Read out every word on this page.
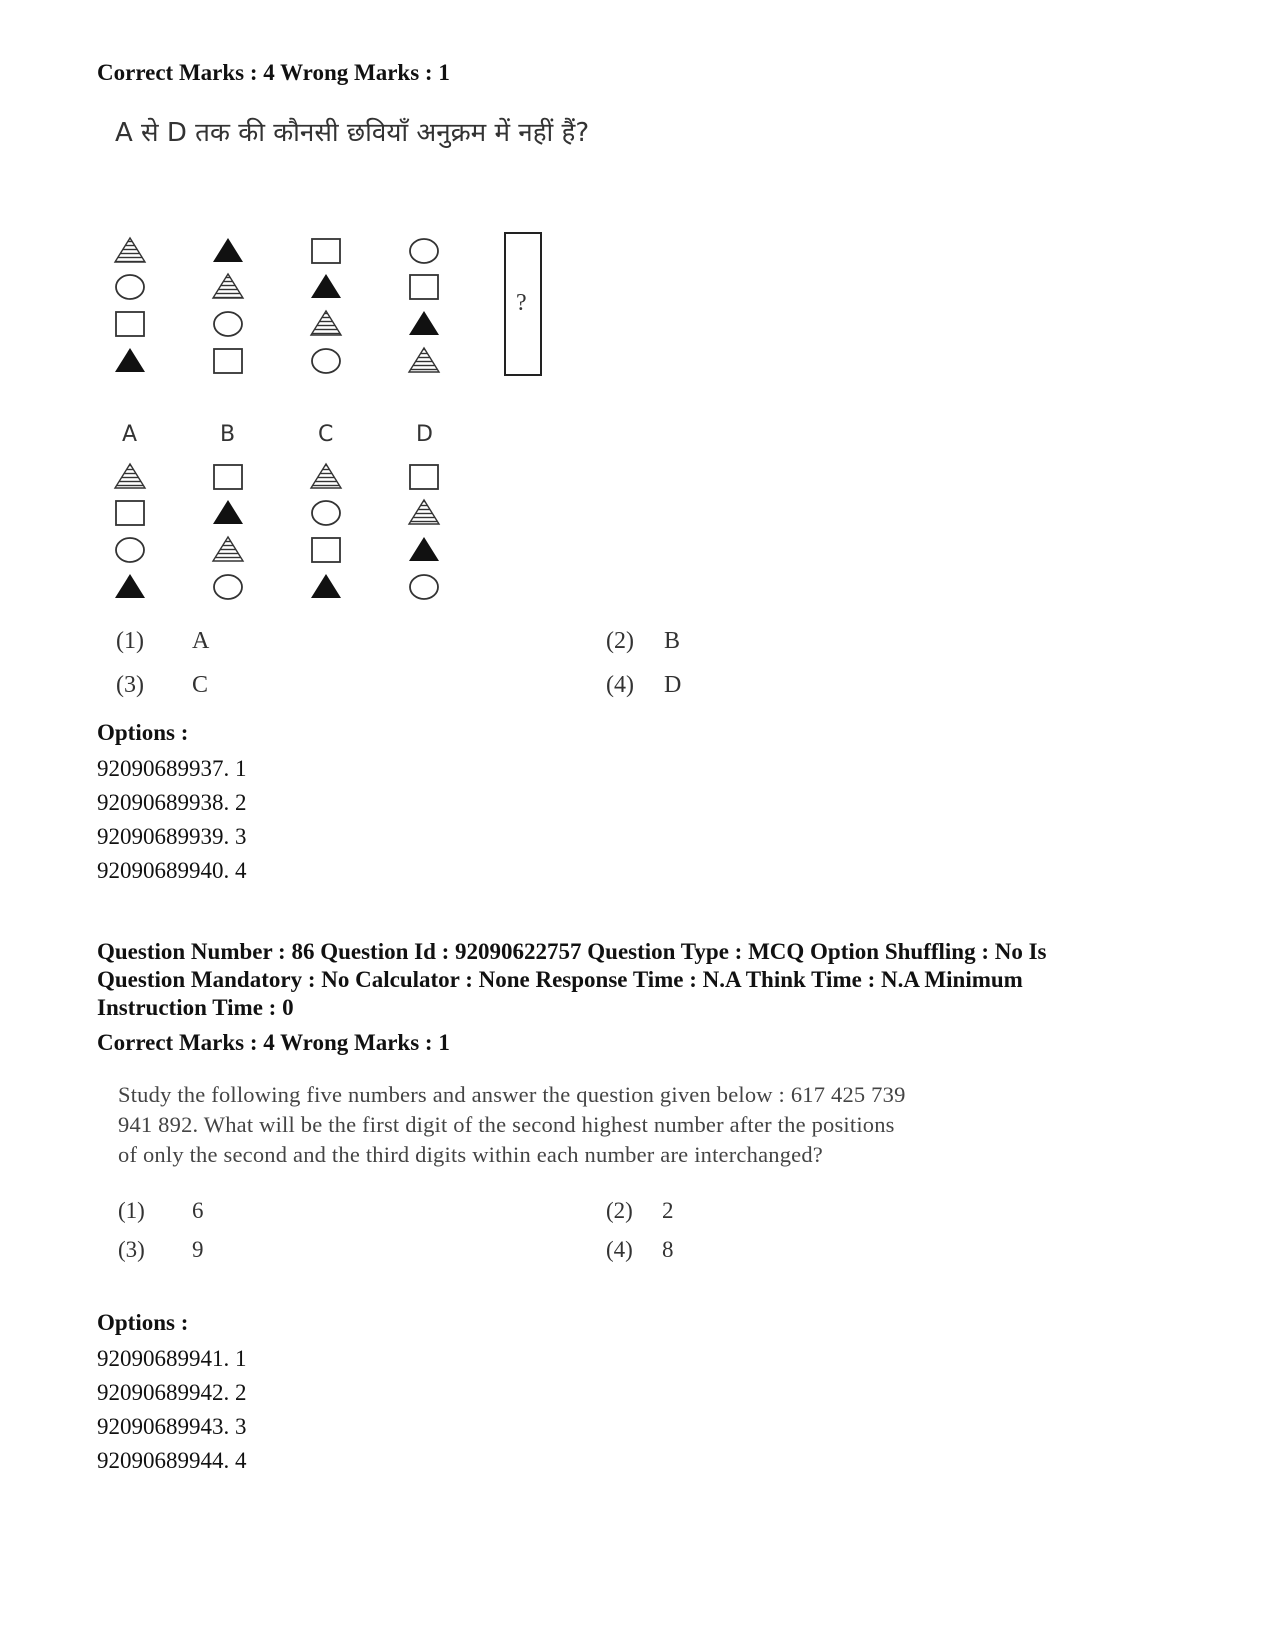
Correct Marks : 4 Wrong Marks : 1
A से D तक की कौनसी छवियाँ अनुक्रम में नहीं हैं?
?
A	B	C	D
(1) A	(2) B
(3) C	(4) D
Options :
92090689937. 1
92090689938. 2
92090689939. 3
92090689940. 4
Question Number : 86 Question Id : 92090622757 Question Type : MCQ Option Shuffling : No Is
Question Mandatory : No Calculator : None Response Time : N.A Think Time : N.A Minimum
Instruction Time : 0
Correct Marks : 4 Wrong Marks : 1
Study the following five numbers and answer the question given below : 617 425 739
941 892. What will be the first digit of the second highest number after the positions
of only the second and the third digits within each number are interchanged?
(1) 6	(2) 2
(3) 9	(4) 8
Options :
92090689941. 1
92090689942. 2
92090689943. 3
92090689944. 4
